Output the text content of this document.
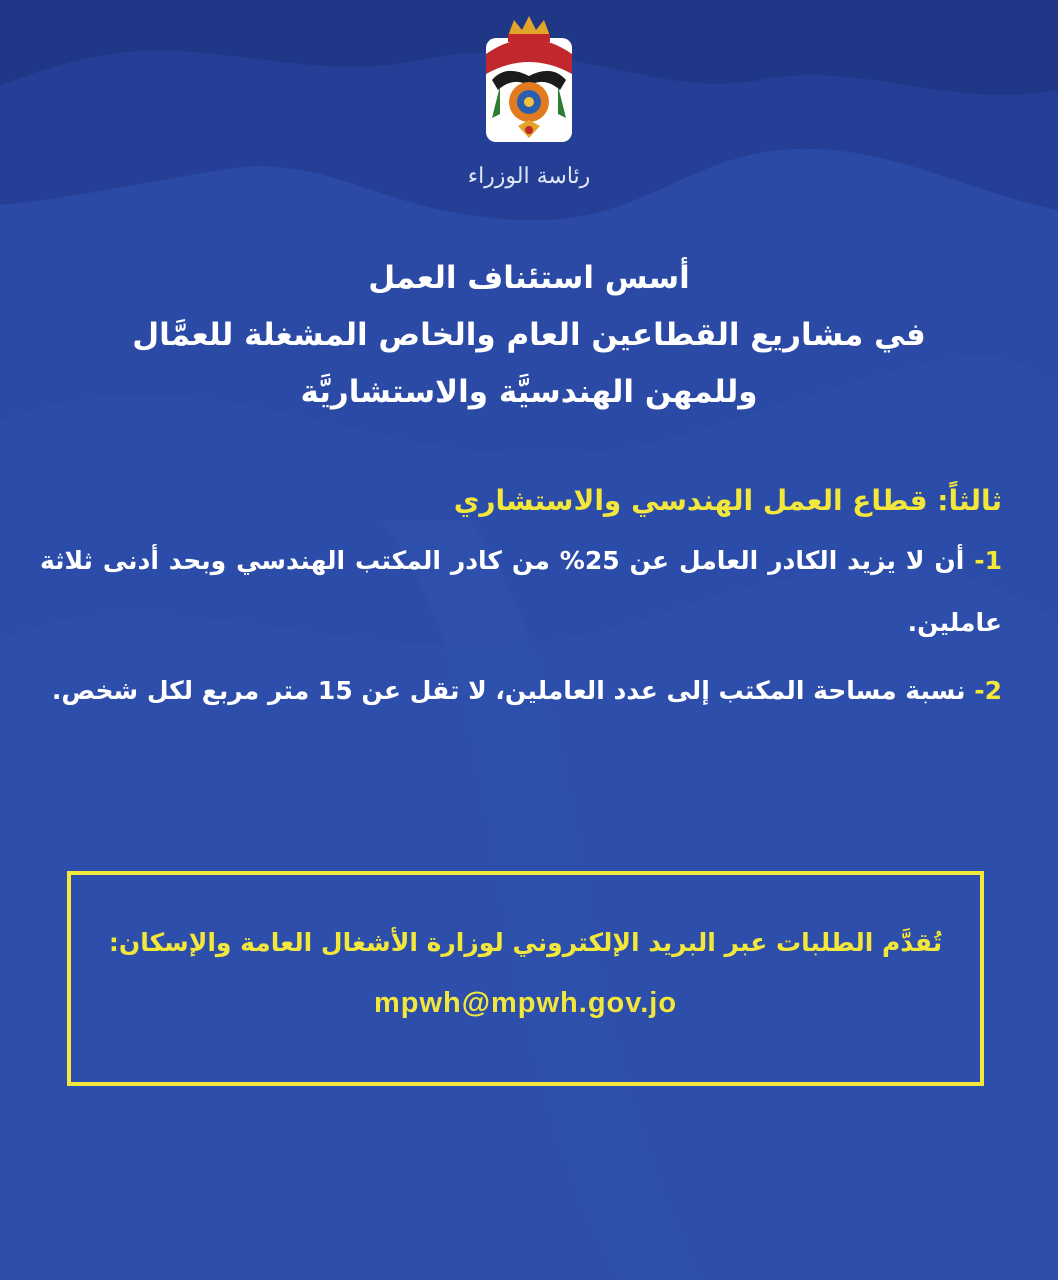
رئاسة الوزراء
أسس استئناف العمل
في مشاريع القطاعين العام والخاص المشغلة للعمَّال
وللمهن الهندسيَّة والاستشاريَّة
ثالثاً: قطاع العمل الهندسي والاستشاري
1- أن لا يزيد الكادر العامل عن 25% من كادر المكتب الهندسي وبحد أدنى ثلاثة عاملين.
2- نسبة مساحة المكتب إلى عدد العاملين، لا تقل عن 15 متر مربع لكل شخص.
تُقدَّم الطلبات عبر البريد الإلكتروني لوزارة الأشغال العامة والإسكان:
mpwh@mpwh.gov.jo
